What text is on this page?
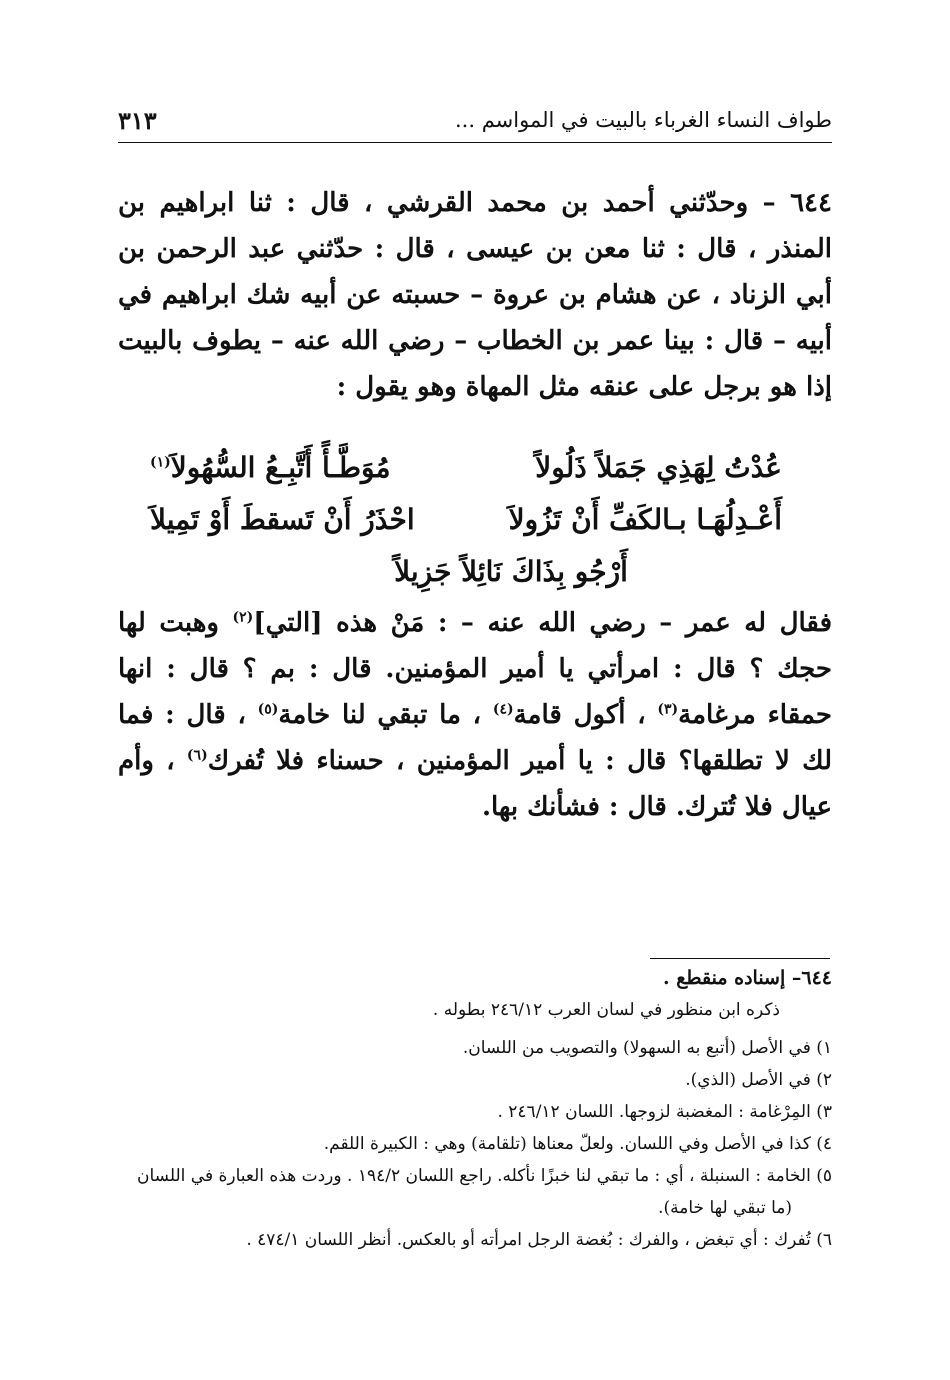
طواف النساء الغرباء بالبيت في المواسم ...
٣١٣
٦٤٤ – وحدّثني أحمد بن محمد القرشي ، قال : ثنا ابراهيم بن المنذر ، قال : ثنا معن بن عيسى ، قال : حدّثني عبد الرحمن بن أبي الزناد ، عن هشام بن عروة – حسبته عن أبيه شك ابراهيم في أبيه – قال : بينا عمر بن الخطاب – رضي الله عنه – يطوف بالبيت إذا هو برجل على عنقه مثل المهاة وهو يقول :
عُدْتُ لِهَذِي جَمَلاً ذَلُولاً
مُوَطَّـأً أَتَّبِـعُ السُّهُولاَ$^{(١)}$
أَعْـدِلُهَـا بـالكَفِّ أَنْ تَزُولاَ
احْذَرُ أَنْ تَسقطَ أَوْ تَمِيلاَ
أَرْجُو بِذَاكَ نَائِلاً جَزِيلاً
فقال له عمر – رضي الله عنه – : مَنْ هذه [التي]$^{(٢)}$ وهبت لها حجك ؟ قال : امرأتي يا أمير المؤمنين. قال : بم ؟ قال : انها حمقاء مرغامة$^{(٣)}$ ، أكول قامة$^{(٤)}$ ، ما تبقي لنا خامة$^{(٥)}$ ، قال : فما لك لا تطلقها؟ قال : يا أمير المؤمنين ، حسناء فلا تُفرك$^{(٦)}$ ، وأم عيال فلا تُترك. قال : فشأنك بها.
٦٤٤– إسناده منقطع .
ذكره ابن منظور في لسان العرب ٢٤٦/١٢ بطوله .
١) في الأصل (أتبع به السهولا) والتصويب من اللسان.
٢) في الأصل (الذي).
٣) المِرْغامة : المغضبة لزوجها. اللسان ٢٤٦/١٢ .
٤) كذا في الأصل وفي اللسان. ولعلّ معناها (تلقامة) وهي : الكبيرة اللقم.
٥) الخامة : السنبلة ، أي : ما تبقي لنا خبزًا نأكله. راجع اللسان ١٩٤/٢ . وردت هذه العبارة في اللسان
(ما تبقي لها خامة).
٦) تُفرك : أي تبغض ، والفرك : بُغضة الرجل امرأته أو بالعكس. أنظر اللسان ٤٧٤/١ .
